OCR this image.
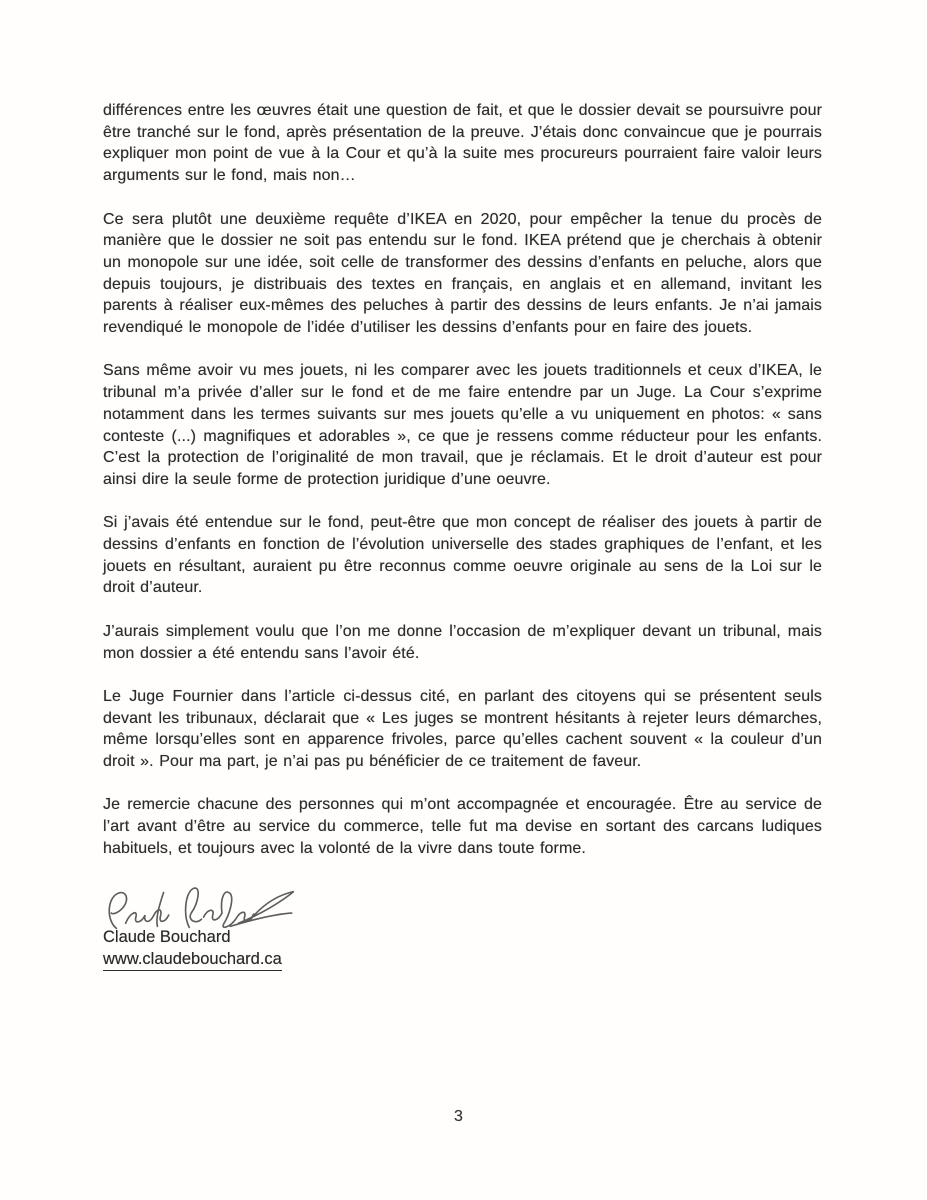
différences entre les œuvres était une question de fait, et que le dossier devait se poursuivre pour être tranché sur le fond, après présentation de la preuve. J’étais donc convaincue que je pourrais expliquer mon point de vue à la Cour et qu’à la suite mes procureurs pourraient faire valoir leurs arguments sur le fond, mais non…

Ce sera plutôt une deuxième requête d’IKEA en 2020, pour empêcher la tenue du procès de manière que le dossier ne soit pas entendu sur le fond. IKEA prétend que je cherchais à obtenir un monopole sur une idée, soit celle de transformer des dessins d’enfants en peluche, alors que depuis toujours, je distribuais des textes en français, en anglais et en allemand, invitant les parents à réaliser eux-mêmes des peluches à partir des dessins de leurs enfants. Je n’ai jamais revendiqué le monopole de l’idée d’utiliser les dessins d’enfants pour en faire des jouets.

Sans même avoir vu mes jouets, ni les comparer avec les jouets traditionnels et ceux d’IKEA, le tribunal m’a privée d’aller sur le fond et de me faire entendre par un Juge. La Cour s’exprime notamment dans les termes suivants sur mes jouets qu’elle a vu uniquement en photos: « sans conteste (...) magnifiques et adorables », ce que je ressens comme réducteur pour les enfants. C’est la protection de l’originalité de mon travail, que je réclamais. Et le droit d’auteur est pour ainsi dire la seule forme de protection juridique d’une oeuvre.

Si j’avais été entendue sur le fond, peut-être que mon concept de réaliser des jouets à partir de dessins d’enfants en fonction de l’évolution universelle des stades graphiques de l’enfant, et les jouets en résultant, auraient pu être reconnus comme oeuvre originale au sens de la Loi sur le droit d’auteur.

J’aurais simplement voulu que l’on me donne l’occasion de m’expliquer devant un tribunal, mais mon dossier a été entendu sans l’avoir été.

Le Juge Fournier dans l’article ci-dessus cité, en parlant des citoyens qui se présentent seuls devant les tribunaux, déclarait que « Les juges se montrent hésitants à rejeter leurs démarches, même lorsqu’elles sont en apparence frivoles, parce qu’elles cachent souvent « la couleur d’un droit ». Pour ma part, je n’ai pas pu bénéficier de ce traitement de faveur.

Je remercie chacune des personnes qui m’ont accompagnée et encouragée. Être au service de l’art avant d’être au service du commerce, telle fut ma devise en sortant des carcans ludiques habituels, et toujours avec la volonté de la vivre dans toute forme.

Claude Bouchard
www.claudebouchard.ca
3
